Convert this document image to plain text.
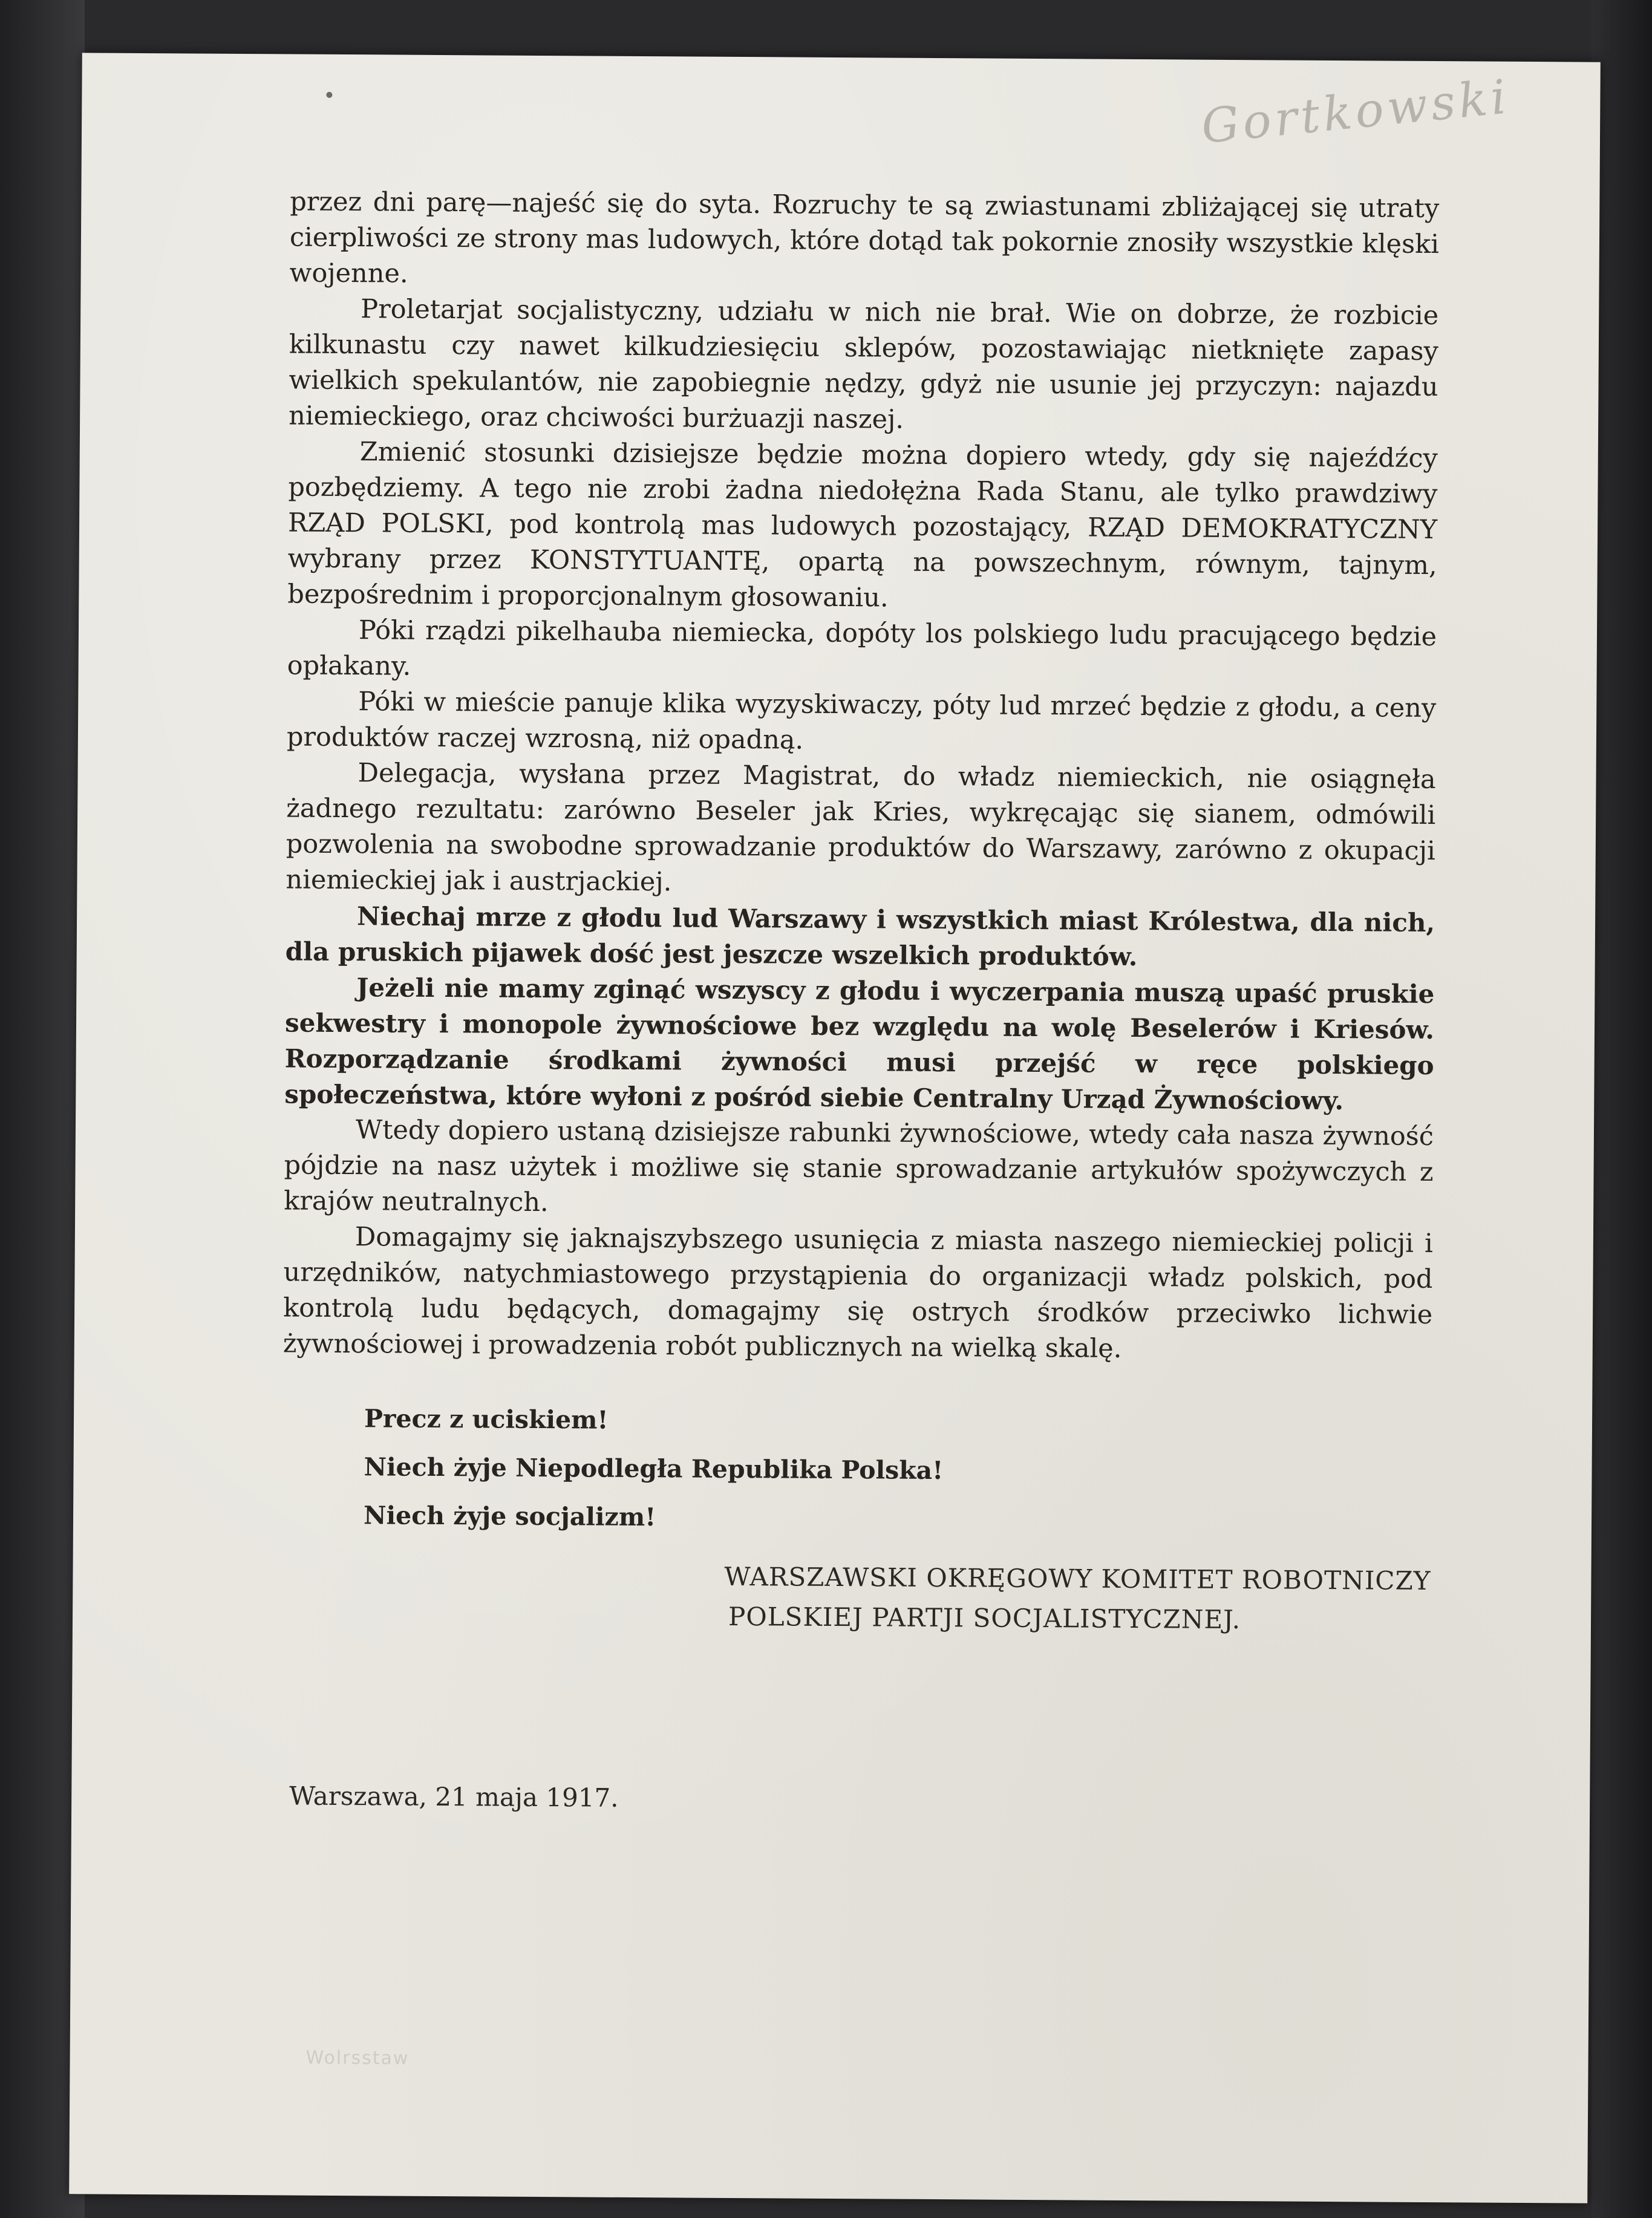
Gortkowski

przez dni parę—najeść się do syta. Rozruchy te są zwiastunami zbliżającej się utraty cierpliwości ze strony mas ludowych, które dotąd tak pokornie znosiły wszystkie klęski wojenne.

Proletarjat socjalistyczny, udziału w nich nie brał. Wie on dobrze, że rozbicie kilkunastu czy nawet kilkudziesięciu sklepów, pozostawiając nietknięte zapasy wielkich spekulantów, nie zapobiegnie nędzy, gdyż nie usunie jej przyczyn: najazdu niemieckiego, oraz chciwości burżuazji naszej.

Zmienić stosunki dzisiejsze będzie można dopiero wtedy, gdy się najeźdźcy pozbędziemy. A tego nie zrobi żadna niedołężna Rada Stanu, ale tylko prawdziwy RZĄD POLSKI, pod kontrolą mas ludowych pozostający, RZĄD DEMOKRATYCZNY wybrany przez KONSTYTUANTĘ, opartą na powszechnym, równym, tajnym, bezpośrednim i proporcjonalnym głosowaniu.

Póki rządzi pikelhauba niemiecka, dopóty los polskiego ludu pracującego będzie opłakany.

Póki w mieście panuje klika wyzyskiwaczy, póty lud mrzeć będzie z głodu, a ceny produktów raczej wzrosną, niż opadną.

Delegacja, wysłana przez Magistrat, do władz niemieckich, nie osiągnęła żadnego rezultatu: zarówno Beseler jak Kries, wykręcając się sianem, odmówili pozwolenia na swobodne sprowadzanie produktów do Warszawy, zarówno z okupacji niemieckiej jak i austrjackiej.

Niechaj mrze z głodu lud Warszawy i wszystkich miast Królestwa, dla nich, dla pruskich pijawek dość jest jeszcze wszelkich produktów.

Jeżeli nie mamy zginąć wszyscy z głodu i wyczerpania muszą upaść pruskie sekwestry i monopole żywnościowe bez względu na wolę Beselerów i Kriesów. Rozporządzanie środkami żywności musi przejść w ręce polskiego społeczeństwa, które wyłoni z pośród siebie Centralny Urząd Żywnościowy.

Wtedy dopiero ustaną dzisiejsze rabunki żywnościowe, wtedy cała nasza żywność pójdzie na nasz użytek i możliwe się stanie sprowadzanie artykułów spożywczych z krajów neutralnych.

Domagajmy się jaknajszybszego usunięcia z miasta naszego niemieckiej policji i urzędników, natychmiastowego przystąpienia do organizacji władz polskich, pod kontrolą ludu będących, domagajmy się ostrych środków przeciwko lichwie żywnościowej i prowadzenia robót publicznych na wielką skalę.

Precz z uciskiem!
Niech żyje Niepodległa Republika Polska!
Niech żyje socjalizm!
WARSZAWSKI OKRĘGOWY KOMITET ROBOTNICZY
POLSKIEJ PARTJI SOCJALISTYCZNEJ.
Warszawa, 21 maja 1917.
Wolrsstaw
